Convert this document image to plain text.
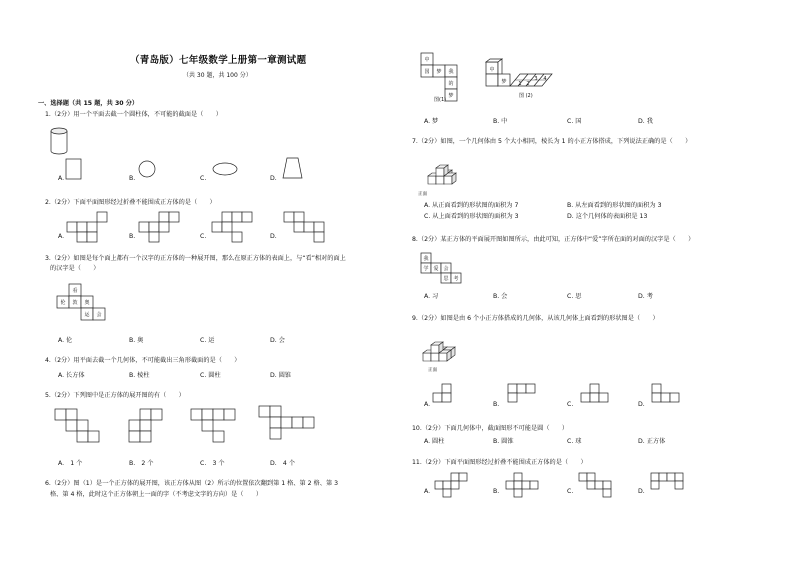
（青岛版）七年级数学上册第一章测试题
（共 30 题，共 100 分）
一、选择题（共 15 题，共 30 分）
1.（2分）用一个平面去截一个圆柱体，不可能的截面是（　　）
A.	B.	C.	D.
2.（2分）下面平面图形经过折叠不能围成正方体的是（　　）
A.	B.	C.	D.
3.（2分）如图是每个面上都有一个汉字的正方体的一种展开图，那么在原正方体的表面上，与“看”相对的面上
的汉字是（　　）
看
伦 敦 奥
运 会
A. 伦	B. 奥	C. 运	D. 会
4.（2分）用平面去截一个几何体，不可能截出三角形截面的是（　　）
A. 长方体	B. 棱柱	C. 圆柱	D. 圆锥
5.（2分）下列图中是正方体的展开图的有（　　）
A.　1 个	B.　2 个	C.　3 个	D.　4 个
6.（2分）图（1）是一个正方体的展开图，该正方体从图（2）所示的位置依次翻到第 1 格、第 2 格、第 3
格、第 4 格，此时这个正方体朝上一面的字（不考虑文字的方向）是（　　）
中
国 梦 我
的
梦
图(1)
中
梦 1 2
3 4
图 (2)
A. 梦	B. 中	C. 国	D. 我
7.（2分）如图，一个几何体由 5 个大小相同，棱长为 1 的小正方体搭成，下列说法正确的是（　　）
正面
A. 从正面看到的形状图的面积为 7	B. 从左面看到的形状图的面积为 3
C. 从上面看到的形状图的面积为 3	D. 这个几何体的表面积是 13
8.（2分）某正方体的平面展开图如图所示，由此可知，正方体中“爱”字所在面的对面的汉字是（　　）
我
学 爱 会
思 考
A. 习	B. 会	C. 思	D. 考
9.（2分）如图是由 6 个小正方体搭成的几何体，从该几何体上面看到的形状图是（　　）
正面
A.	B.	C.	D.
10.（2分）下面几何体中，截面图形不可能是圆（　　）
A. 圆柱	B. 圆锥	C. 球	D. 正方体
11.（2分）下面平面图形经过折叠不能围成正方体的是（　　）
A.	B.	C.	D.
